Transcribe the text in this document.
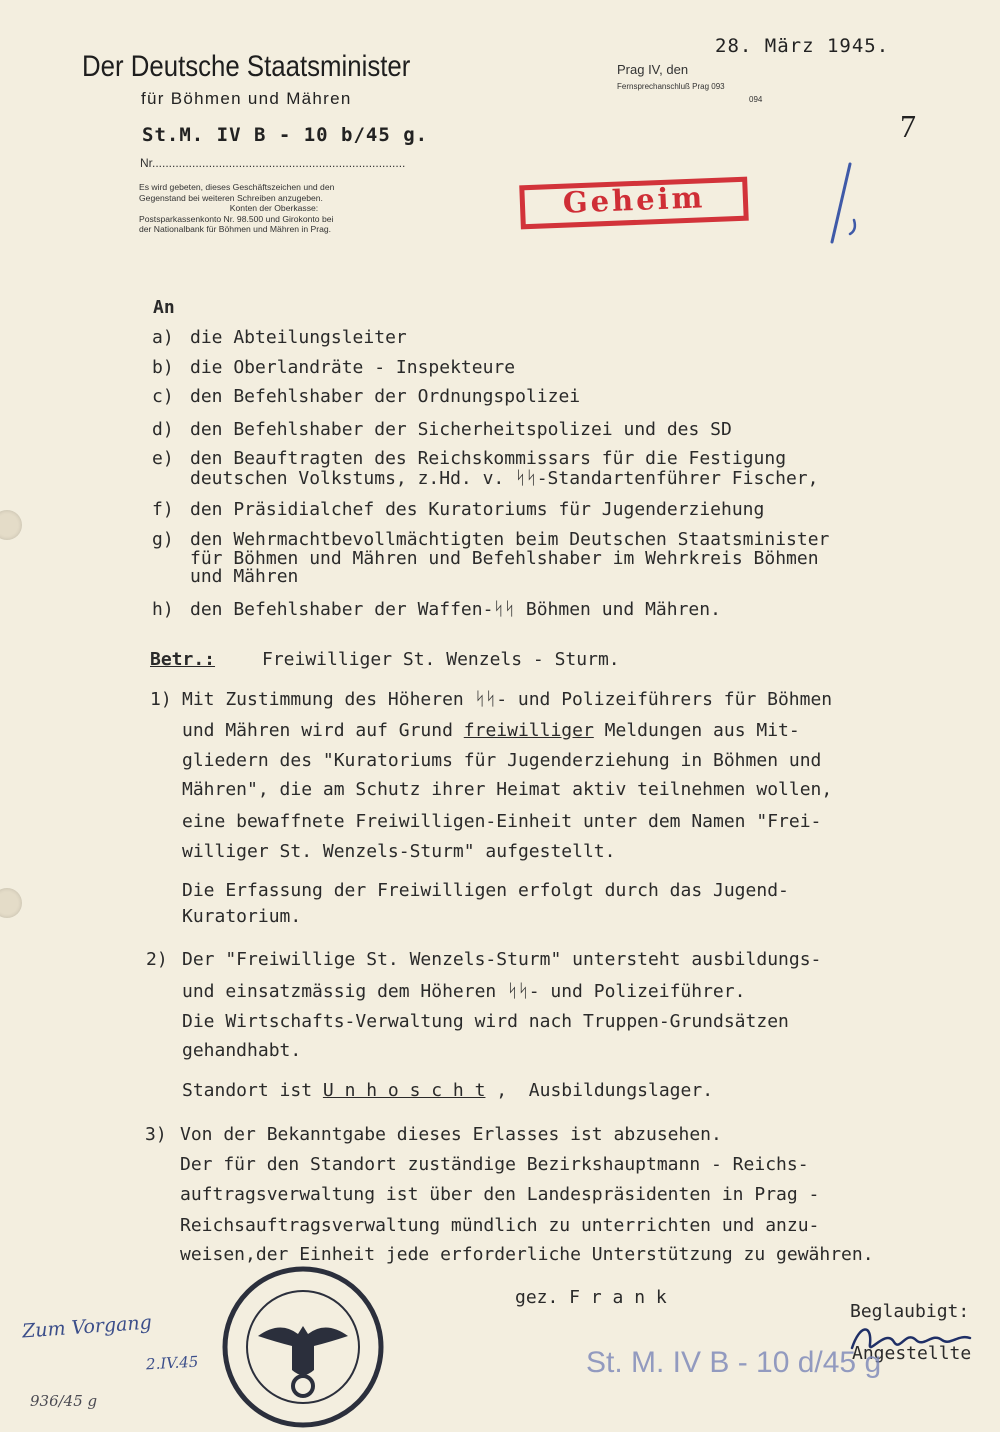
Der Deutsche Staatsminister
für Böhmen und Mähren
St.M. IV B - 10 b/45 g.
Nr............................................................................

Es wird gebeten, dieses Geschäftszeichen und den

Gegenstand bei weiteren Schreiben anzugeben.

Konten der Oberkasse:

Postsparkassenkonto Nr. 98.500 und Girokonto bei

der Nationalbank für Böhmen und Mähren in Prag.

28. März 1945.
Prag IV, den
Fernsprechanschluß Prag 093
094
7
Geheim
An
a) die Abteilungsleiter
b) die Oberlandräte - Inspekteure
c) den Befehlshaber der Ordnungspolizei
d) den Befehlshaber der Sicherheitspolizei und des SD
e) den Beauftragten des Reichskommissars für die Festigung
deutschen Volkstums, z.Hd. v. ᛋᛋ-Standartenführer Fischer,
f) den Präsidialchef des Kuratoriums für Jugenderziehung
g) den Wehrmachtbevollmächtigten beim Deutschen Staatsminister
für Böhmen und Mähren und Befehlshaber im Wehrkreis Böhmen
und Mähren
h) den Befehlshaber der Waffen-ᛋᛋ Böhmen und Mähren.
Betr.:	Freiwilliger St. Wenzels - Sturm.
1) Mit Zustimmung des Höheren ᛋᛋ- und Polizeiführers für Böhmen
und Mähren wird auf Grund freiwilliger Meldungen aus Mit-
gliedern des "Kuratoriums für Jugenderziehung in Böhmen und
Mähren", die am Schutz ihrer Heimat aktiv teilnehmen wollen,
eine bewaffnete Freiwilligen-Einheit unter dem Namen "Frei-
williger St. Wenzels-Sturm" aufgestellt.
Die Erfassung der Freiwilligen erfolgt durch das Jugend-
Kuratorium.
2) Der "Freiwillige St. Wenzels-Sturm" untersteht ausbildungs-
und einsatzmässig dem Höheren ᛋᛋ- und Polizeiführer.
Die Wirtschafts-Verwaltung wird nach Truppen-Grundsätzen
gehandhabt.
Standort ist U n h o s c h t ,  Ausbildungslager.
3) Von der Bekanntgabe dieses Erlasses ist abzusehen.
Der für den Standort zuständige Bezirkshauptmann - Reichs-
auftragsverwaltung ist über den Landespräsidenten in Prag -
Reichsauftragsverwaltung mündlich zu unterrichten und anzu-
weisen,der Einheit jede erforderliche Unterstützung zu gewähren.
gez. F r a n k
Beglaubigt:
Angestellte
St. M. IV B - 10 d/45 g
Zum Vorgang
2.IV.45
936/45 g
